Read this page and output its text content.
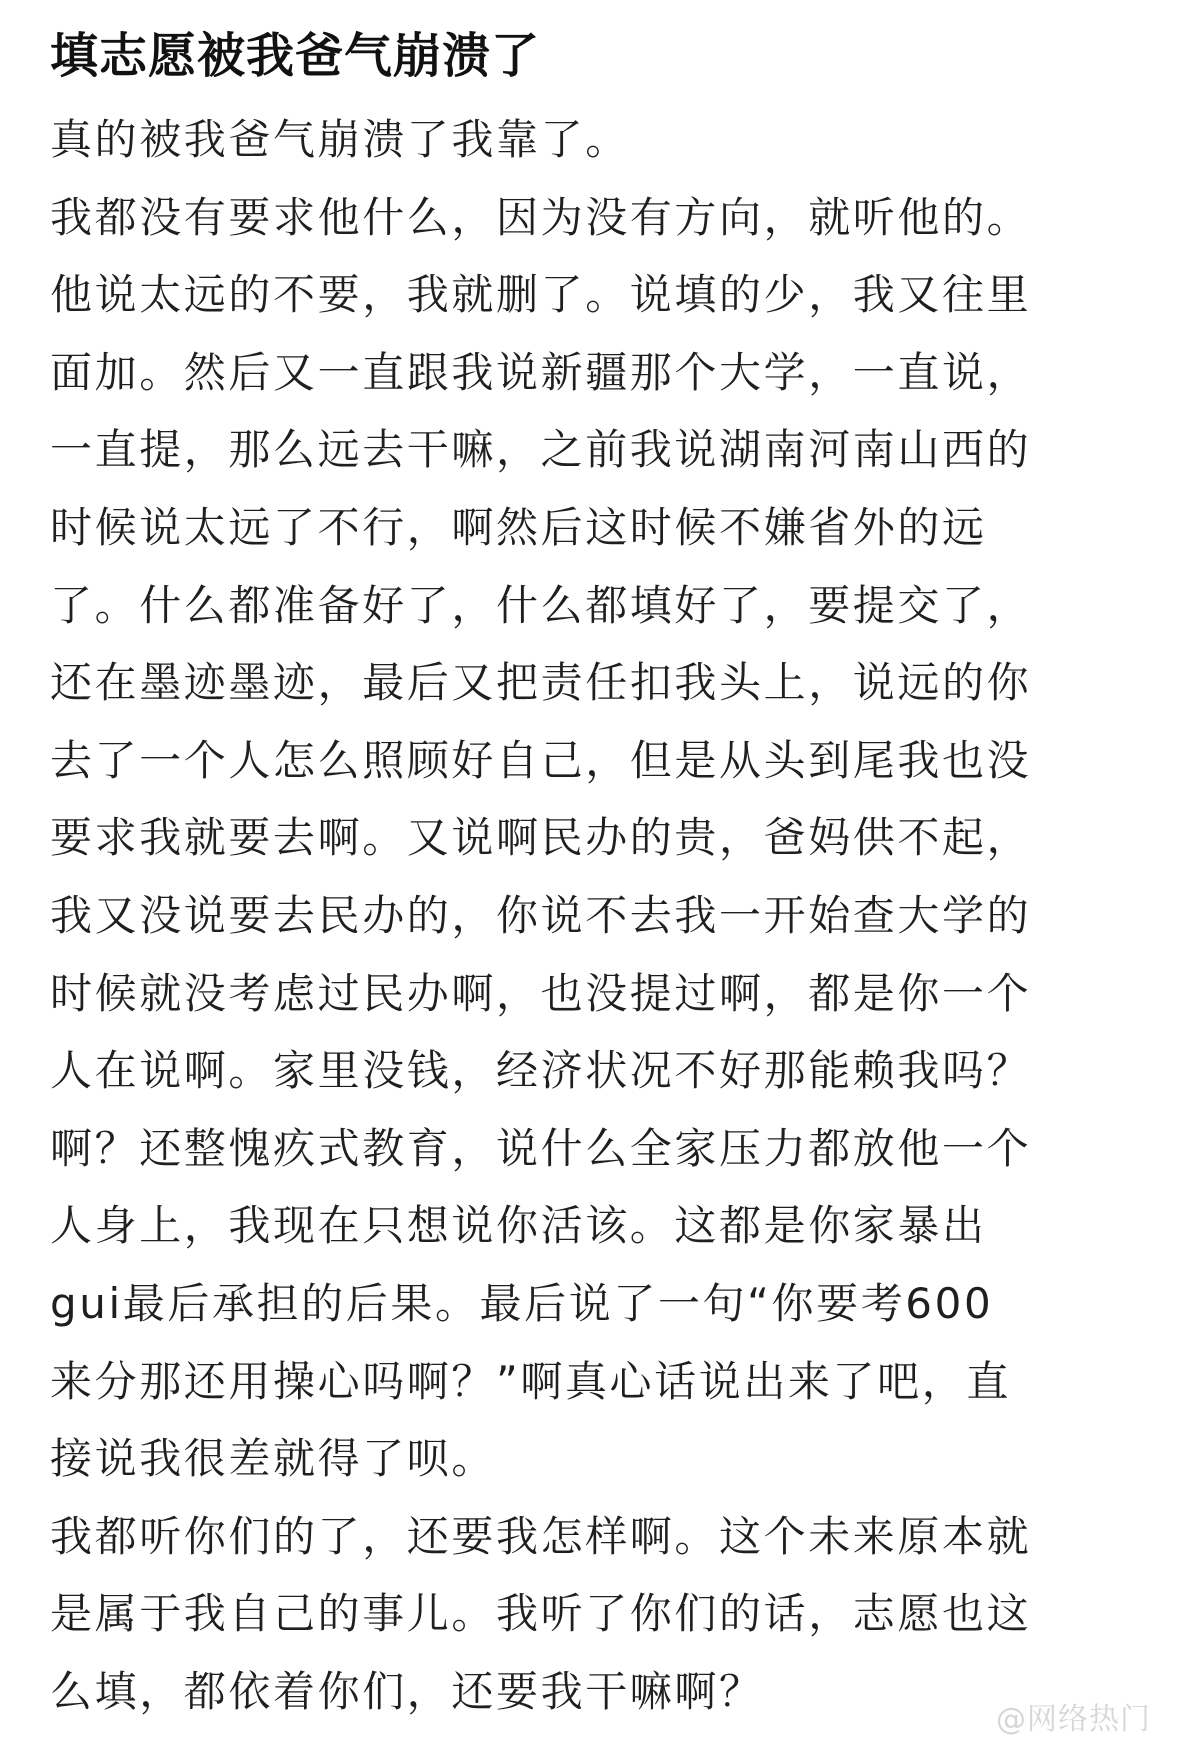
填志愿被我爸气崩溃了
真的被我爸气崩溃了我靠了。
我都没有要求他什么，因为没有方向，就听他的。
他说太远的不要，我就删了。说填的少，我又往里
面加。然后又一直跟我说新疆那个大学，一直说，
一直提，那么远去干嘛，之前我说湖南河南山西的
时候说太远了不行，啊然后这时候不嫌省外的远
了。什么都准备好了，什么都填好了，要提交了，
还在墨迹墨迹，最后又把责任扣我头上，说远的你
去了一个人怎么照顾好自己，但是从头到尾我也没
要求我就要去啊。又说啊民办的贵，爸妈供不起，
我又没说要去民办的，你说不去我一开始查大学的
时候就没考虑过民办啊，也没提过啊，都是你一个
人在说啊。家里没钱，经济状况不好那能赖我吗？
啊？还整愧疚式教育，说什么全家压力都放他一个
人身上，我现在只想说你活该。这都是你家暴出
gui最后承担的后果。最后说了一句“你要考600
来分那还用操心吗啊？”啊真心话说出来了吧，直
接说我很差就得了呗。
我都听你们的了，还要我怎样啊。这个未来原本就
是属于我自己的事儿。我听了你们的话，志愿也这
么填，都依着你们，还要我干嘛啊？
@网络热门
